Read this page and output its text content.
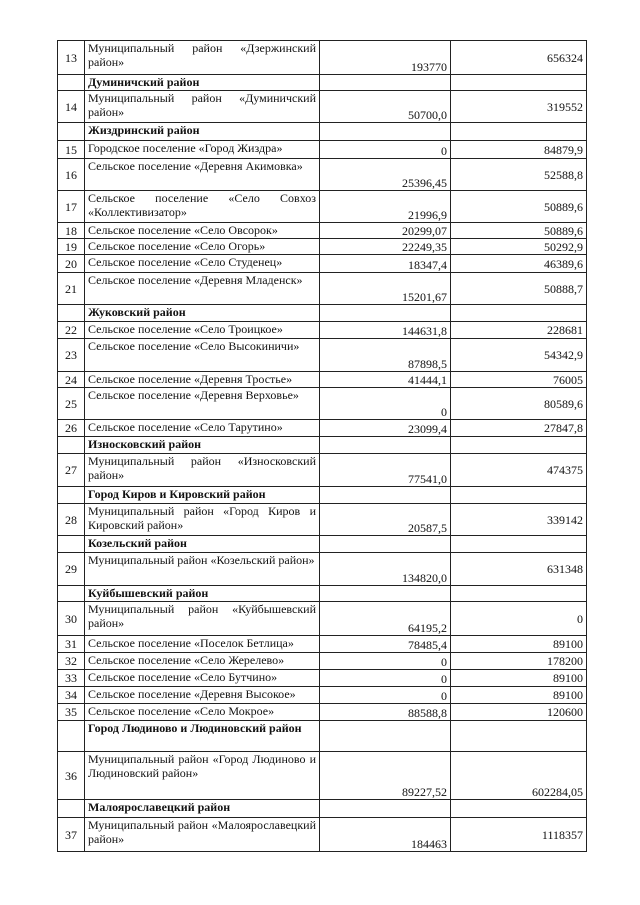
13	Муниципальный район «Дзержинский район»	193770	656324
	Думиничский район		
14	Муниципальный район «Думиничский район»	50700,0	319552
	Жиздринский район		
15	Городское поселение «Город Жиздра»	0	84879,9
16	Сельское поселение «Деревня Акимовка»	25396,45	52588,8
17	Сельское поселение «Село Совхоз «Коллективизатор»	21996,9	50889,6
18	Сельское поселение «Село Овсорок»	20299,07	50889,6
19	Сельское поселение «Село Огорь»	22249,35	50292,9
20	Сельское поселение «Село Студенец»	18347,4	46389,6
21	Сельское поселение «Деревня Младенск»	15201,67	50888,7
	Жуковский район		
22	Сельское поселение «Село Троицкое»	144631,8	228681
23	Сельское поселение «Село Высокиничи»	87898,5	54342,9
24	Сельское поселение «Деревня Тростье»	41444,1	76005
25	Сельское поселение «Деревня Верховье»	0	80589,6
26	Сельское поселение «Село Тарутино»	23099,4	27847,8
	Износковский район		
27	Муниципальный район «Износковский район»	77541,0	474375
	Город Киров и Кировский район		
28	Муниципальный район «Город Киров и Кировский район»	20587,5	339142
	Козельский район		
29	Муниципальный район «Козельский район»	134820,0	631348
	Куйбышевский район		
30	Муниципальный район «Куйбышевский район»	64195,2	0
31	Сельское поселение «Поселок Бетлица»	78485,4	89100
32	Сельское поселение «Село Жерелево»	0	178200
33	Сельское поселение «Село Бутчино»	0	89100
34	Сельское поселение «Деревня Высокое»	0	89100
35	Сельское поселение «Село Мокрое»	88588,8	120600
	Город Людиново и Людиновский район		
36	Муниципальный район «Город Людиново и Людиновский район»	89227,52	602284,05
	Малоярославецкий район		
37	Муниципальный район «Малоярославецкий район»	184463	1118357
